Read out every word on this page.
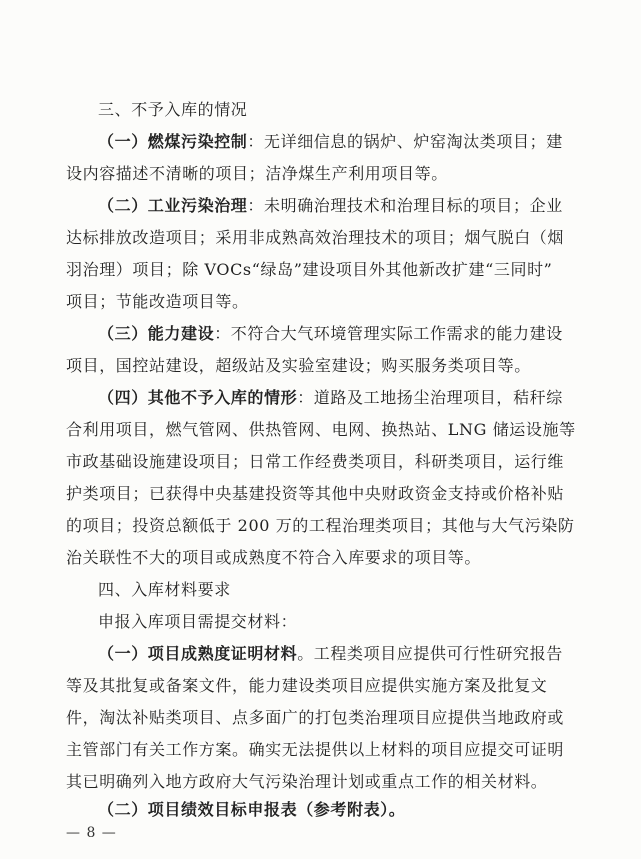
三、不予入库的情况
（一）燃煤污染控制：无详细信息的锅炉、炉窑淘汰类项目；建
设内容描述不清晰的项目；洁净煤生产利用项目等。
（二）工业污染治理：未明确治理技术和治理目标的项目；企业
达标排放改造项目；采用非成熟高效治理技术的项目；烟气脱白（烟
羽治理）项目；除 VOCs“绿岛”建设项目外其他新改扩建“三同时”
项目；节能改造项目等。
（三）能力建设：不符合大气环境管理实际工作需求的能力建设
项目，国控站建设，超级站及实验室建设；购买服务类项目等。
（四）其他不予入库的情形：道路及工地扬尘治理项目，秸秆综
合利用项目，燃气管网、供热管网、电网、换热站、LNG 储运设施等
市政基础设施建设项目；日常工作经费类项目，科研类项目，运行维
护类项目；已获得中央基建投资等其他中央财政资金支持或价格补贴
的项目；投资总额低于 200 万的工程治理类项目；其他与大气污染防
治关联性不大的项目或成熟度不符合入库要求的项目等。
四、入库材料要求
申报入库项目需提交材料：
（一）项目成熟度证明材料。工程类项目应提供可行性研究报告
等及其批复或备案文件，能力建设类项目应提供实施方案及批复文
件，淘汰补贴类项目、点多面广的打包类治理项目应提供当地政府或
主管部门有关工作方案。确实无法提供以上材料的项目应提交可证明
其已明确列入地方政府大气污染治理计划或重点工作的相关材料。
（二）项目绩效目标申报表（参考附表）。
— 8 —
